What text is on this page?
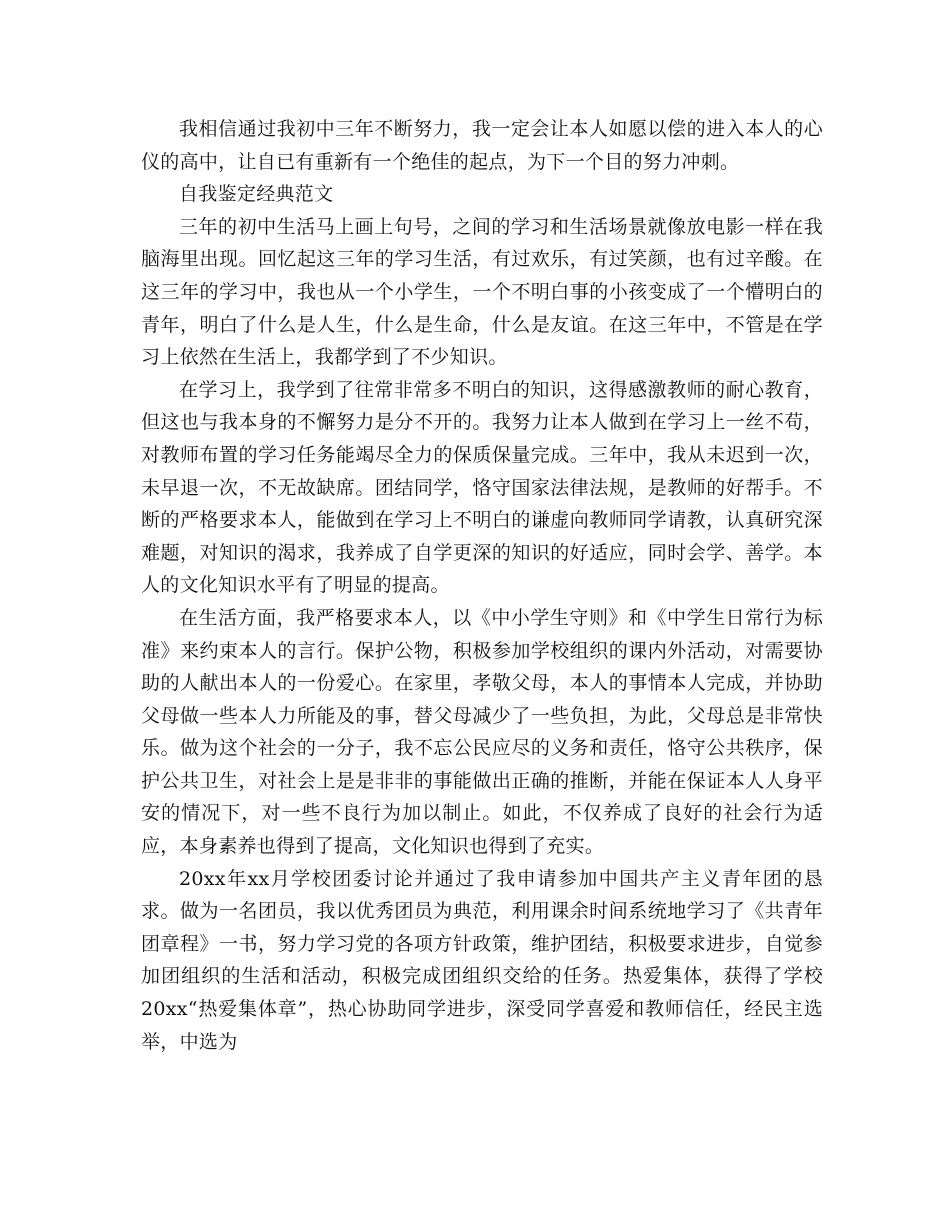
我相信通过我初中三年不断努力，我一定会让本人如愿以偿的进入本人的心仪的高中，让自已有重新有一个绝佳的起点，为下一个目的努力冲刺。

自我鉴定经典范文

三年的初中生活马上画上句号，之间的学习和生活场景就像放电影一样在我脑海里出现。回忆起这三年的学习生活，有过欢乐，有过笑颜，也有过辛酸。在这三年的学习中，我也从一个小学生，一个不明白事的小孩变成了一个懵明白的青年，明白了什么是人生，什么是生命，什么是友谊。在这三年中，不管是在学习上依然在生活上，我都学到了不少知识。

在学习上，我学到了往常非常多不明白的知识，这得感激教师的耐心教育，但这也与我本身的不懈努力是分不开的。我努力让本人做到在学习上一丝不苟，对教师布置的学习任务能竭尽全力的保质保量完成。三年中，我从未迟到一次，未早退一次，不无故缺席。团结同学，恪守国家法律法规，是教师的好帮手。不断的严格要求本人，能做到在学习上不明白的谦虚向教师同学请教，认真研究深难题，对知识的渴求，我养成了自学更深的知识的好适应，同时会学、善学。本人的文化知识水平有了明显的提高。

在生活方面，我严格要求本人，以《中小学生守则》和《中学生日常行为标准》来约束本人的言行。保护公物，积极参加学校组织的课内外活动，对需要协助的人献出本人的一份爱心。在家里，孝敬父母，本人的事情本人完成，并协助父母做一些本人力所能及的事，替父母减少了一些负担，为此，父母总是非常快乐。做为这个社会的一分子，我不忘公民应尽的义务和责任，恪守公共秩序，保护公共卫生，对社会上是是非非的事能做出正确的推断，并能在保证本人人身平安的情况下，对一些不良行为加以制止。如此，不仅养成了良好的社会行为适应，本身素养也得到了提高，文化知识也得到了充实。

20xx年xx月学校团委讨论并通过了我申请参加中国共产主义青年团的恳求。做为一名团员，我以优秀团员为典范，利用课余时间系统地学习了《共青年团章程》一书，努力学习党的各项方针政策，维护团结，积极要求进步，自觉参加团组织的生活和活动，积极完成团组织交给的任务。热爱集体，获得了学校20xx“热爱集体章”，热心协助同学进步，深受同学喜爱和教师信任，经民主选举，中选为
